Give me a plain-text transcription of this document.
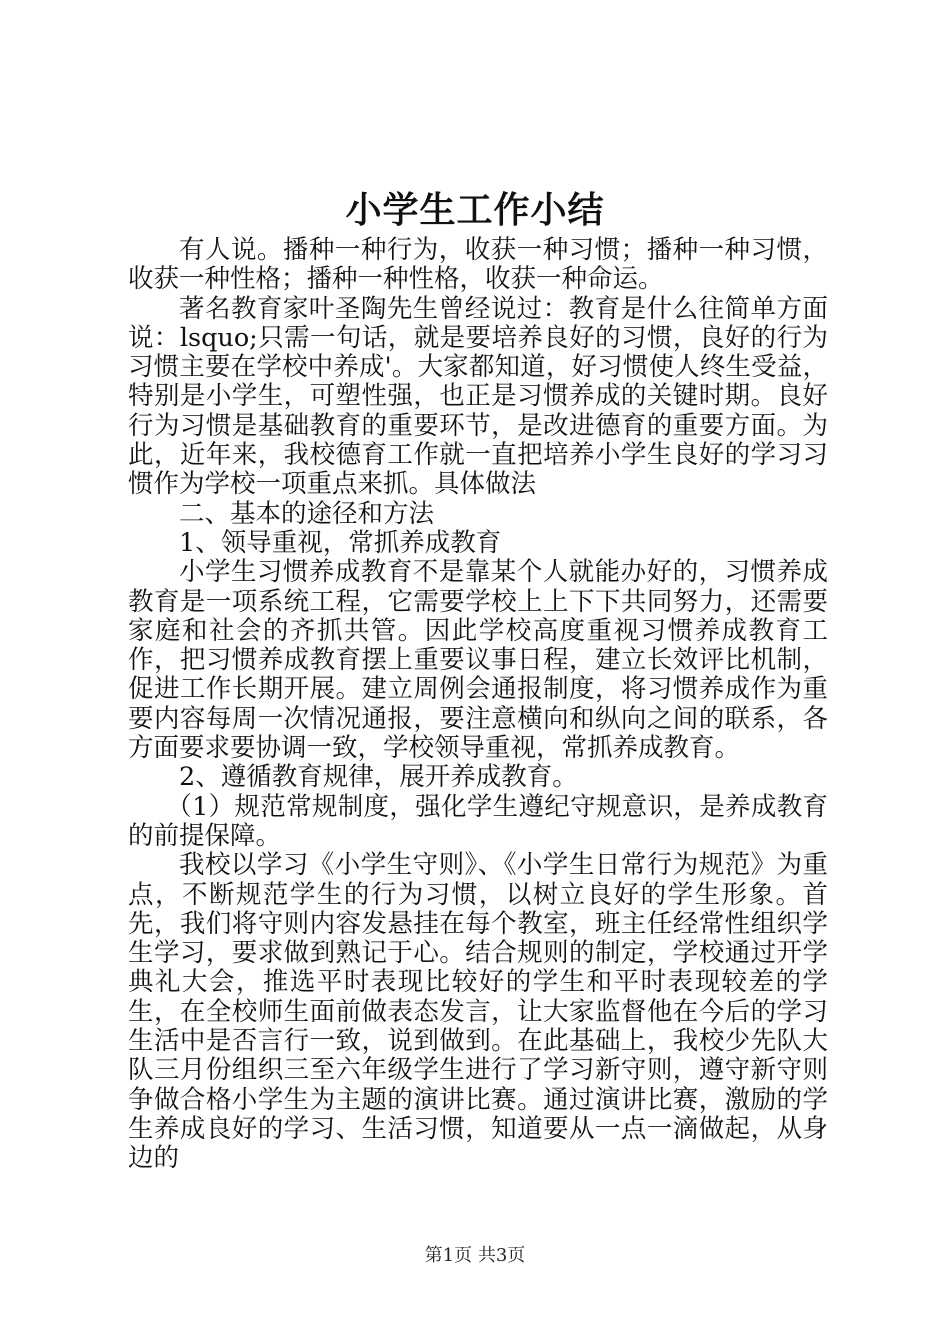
小学生工作小结

有人说。播种一种行为，收获一种习惯；播种一种习惯，收获一种性格；播种一种性格，收获一种命运。

著名教育家叶圣陶先生曾经说过：教育是什么往简单方面说：lsquo;只需一句话，就是要培养良好的习惯，良好的行为习惯主要在学校中养成'。大家都知道，好习惯使人终生受益，特别是小学生，可塑性强，也正是习惯养成的关键时期。良好行为习惯是基础教育的重要环节，是改进德育的重要方面。为此，近年来，我校德育工作就一直把培养小学生良好的学习习惯作为学校一项重点来抓。具体做法

二、基本的途径和方法

1、领导重视，常抓养成教育

小学生习惯养成教育不是靠某个人就能办好的，习惯养成教育是一项系统工程，它需要学校上上下下共同努力，还需要家庭和社会的齐抓共管。因此学校高度重视习惯养成教育工作，把习惯养成教育摆上重要议事日程，建立长效评比机制，促进工作长期开展。建立周例会通报制度，将习惯养成作为重要内容每周一次情况通报，要注意横向和纵向之间的联系，各方面要求要协调一致，学校领导重视，常抓养成教育。

2、遵循教育规律，展开养成教育。

（1）规范常规制度，强化学生遵纪守规意识，是养成教育的前提保障。

我校以学习《小学生守则》、《小学生日常行为规范》为重点，不断规范学生的行为习惯，以树立良好的学生形象。首先，我们将守则内容发悬挂在每个教室，班主任经常性组织学生学习，要求做到熟记于心。结合规则的制定，学校通过开学典礼大会，推选平时表现比较好的学生和平时表现较差的学生，在全校师生面前做表态发言，让大家监督他在今后的学习生活中是否言行一致，说到做到。在此基础上，我校少先队大队三月份组织三至六年级学生进行了学习新守则，遵守新守则争做合格小学生为主题的演讲比赛。通过演讲比赛，激励的学生养成良好的学习、生活习惯，知道要从一点一滴做起，从身边的

第1页 共3页
